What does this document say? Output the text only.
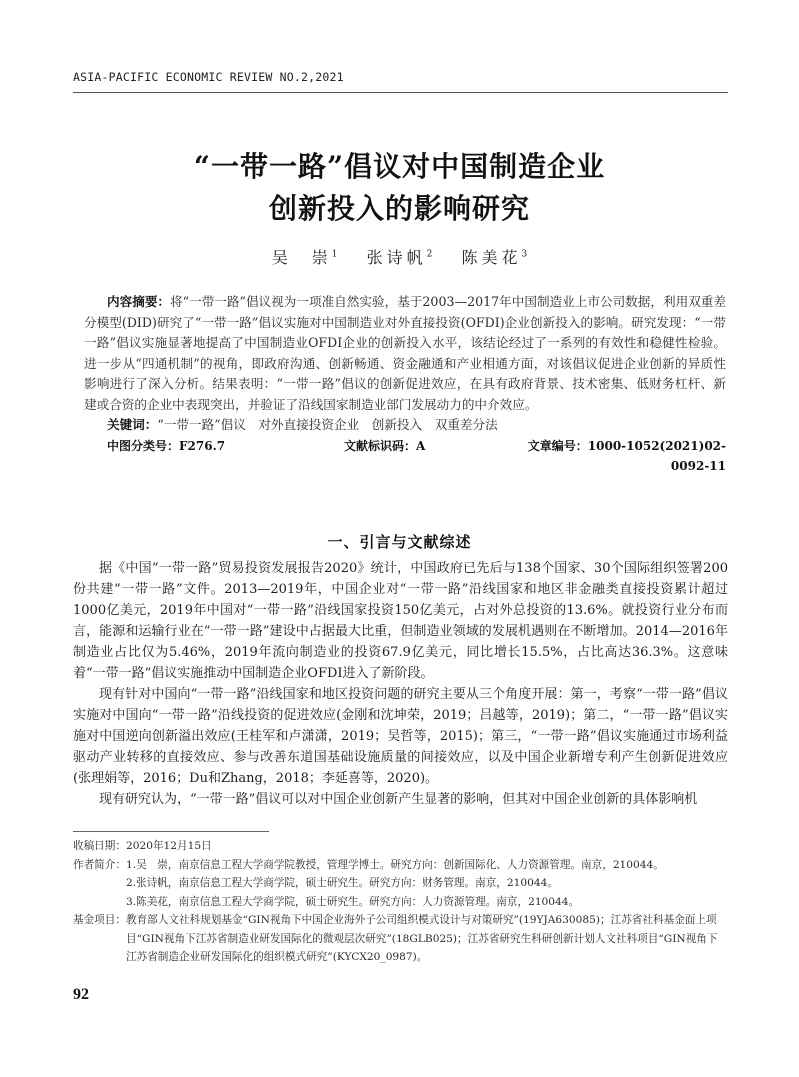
ASIA-PACIFIC ECONOMIC REVIEW NO.2,2021
“一带一路”倡议对中国制造企业
创新投入的影响研究
吴　崇$^1$ 张诗帆$^2$ 陈美花$^3$
内容摘要：将“一带一路”倡议视为一项准自然实验，基于2003—2017年中国制造业上市公司数据，利用双重差分模型(DID)研究了“一带一路”倡议实施对中国制造业对外直接投资(OFDI)企业创新投入的影响。研究发现：“一带一路”倡议实施显著地提高了中国制造业OFDI企业的创新投入水平，该结论经过了一系列的有效性和稳健性检验。进一步从“四通机制”的视角，即政府沟通、创新畅通、资金融通和产业相通方面，对该倡议促进企业创新的异质性影响进行了深入分析。结果表明：“一带一路”倡议的创新促进效应，在具有政府背景、技术密集、低财务杠杆、新建或合资的企业中表现突出，并验证了沿线国家制造业部门发展动力的中介效应。
关键词：“一带一路”倡议　对外直接投资企业　创新投入　双重差分法
中图分类号：F276.7	文献标识码：A	文章编号：1000-1052(2021)02-0092-11
一、引言与文献综述

据《中国“一带一路”贸易投资发展报告2020》统计，中国政府已先后与138个国家、30个国际组织签署200份共建“一带一路”文件。2013—2019年，中国企业对“一带一路”沿线国家和地区非金融类直接投资累计超过1000亿美元，2019年中国对“一带一路”沿线国家投资150亿美元，占对外总投资的13.6%。就投资行业分布而言，能源和运输行业在“一带一路”建设中占据最大比重，但制造业领域的发展机遇则在不断增加。2014—2016年制造业占比仅为5.46%，2019年流向制造业的投资67.9亿美元，同比增长15.5%，占比高达36.3%。这意味着“一带一路”倡议实施推动中国制造企业OFDI进入了新阶段。

现有针对中国向“一带一路”沿线国家和地区投资问题的研究主要从三个角度开展：第一，考察“一带一路”倡议实施对中国向“一带一路”沿线投资的促进效应(金刚和沈坤荣，2019；吕越等，2019)；第二，“一带一路”倡议实施对中国逆向创新溢出效应(王桂军和卢潇潇，2019；吴哲等，2015)；第三，“一带一路”倡议实施通过市场利益驱动产业转移的直接效应、参与改善东道国基础设施质量的间接效应，以及中国企业新增专利产生创新促进效应(张理娟等，2016；Du和Zhang，2018；李延喜等，2020)。

现有研究认为，“一带一路”倡议可以对中国企业创新产生显著的影响，但其对中国企业创新的具体影响机

收稿日期： 2020年12月15日
作者简介： 1.吴　崇，南京信息工程大学商学院教授，管理学博士。研究方向：创新国际化、人力资源管理。南京，210044。
2.张诗帆，南京信息工程大学商学院，硕士研究生。研究方向：财务管理。南京，210044。
3.陈美花，南京信息工程大学商学院，硕士研究生。研究方向：人力资源管理。南京，210044。
基金项目： 教育部人文社科规划基金“GIN视角下中国企业海外子公司组织模式设计与对策研究”(19YJA630085)；江苏省社科基金面上项目“GIN视角下江苏省制造业研发国际化的微观层次研究”(18GLB025)；江苏省研究生科研创新计划人文社科项目“GIN视角下江苏省制造企业研发国际化的组织模式研究”(KYCX20_0987)。
92
